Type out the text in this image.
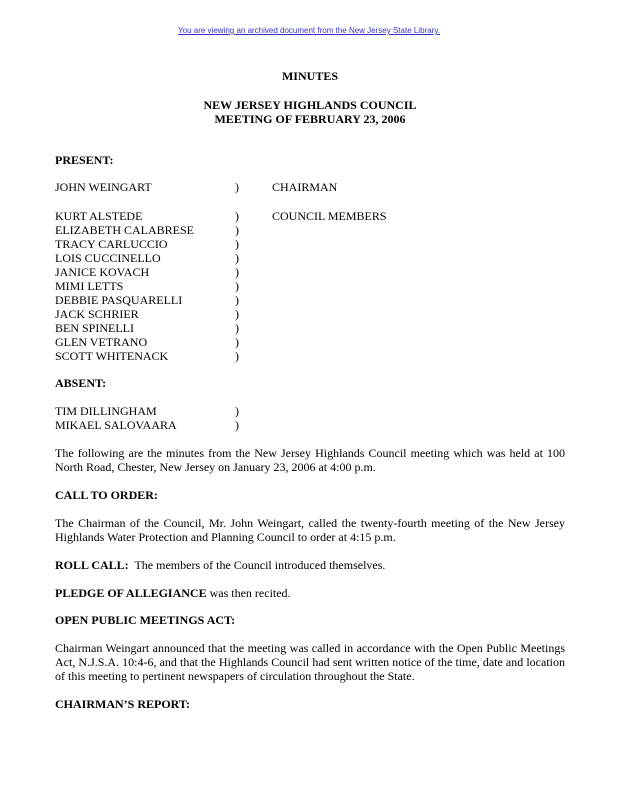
You are viewing an archived document from the New Jersey State Library.
MINUTES
NEW JERSEY HIGHLANDS COUNCIL
MEETING OF FEBRUARY 23, 2006
PRESENT:
JOHN WEINGART	)	CHAIRMAN
KURT ALSTEDE	)	COUNCIL MEMBERS
ELIZABETH CALABRESE	)
TRACY CARLUCCIO	)
LOIS CUCCINELLO	)
JANICE KOVACH	)
MIMI LETTS	)
DEBBIE PASQUARELLI	)
JACK SCHRIER	)
BEN SPINELLI	)
GLEN VETRANO	)
SCOTT WHITENACK	)
ABSENT:
TIM DILLINGHAM	)
MIKAEL SALOVAARA	)
The following are the minutes from the New Jersey Highlands Council meeting which was held at 100 North Road, Chester, New Jersey on January 23, 2006 at 4:00 p.m.
CALL TO ORDER:
The Chairman of the Council, Mr. John Weingart, called the twenty-fourth meeting of the New Jersey Highlands Water Protection and Planning Council to order at 4:15 p.m.
ROLL CALL:  The members of the Council introduced themselves.
PLEDGE OF ALLEGIANCE was then recited.
OPEN PUBLIC MEETINGS ACT:
Chairman Weingart announced that the meeting was called in accordance with the Open Public Meetings Act, N.J.S.A. 10:4-6, and that the Highlands Council had sent written notice of the time, date and location of this meeting to pertinent newspapers of circulation throughout the State.
CHAIRMAN’S REPORT:
